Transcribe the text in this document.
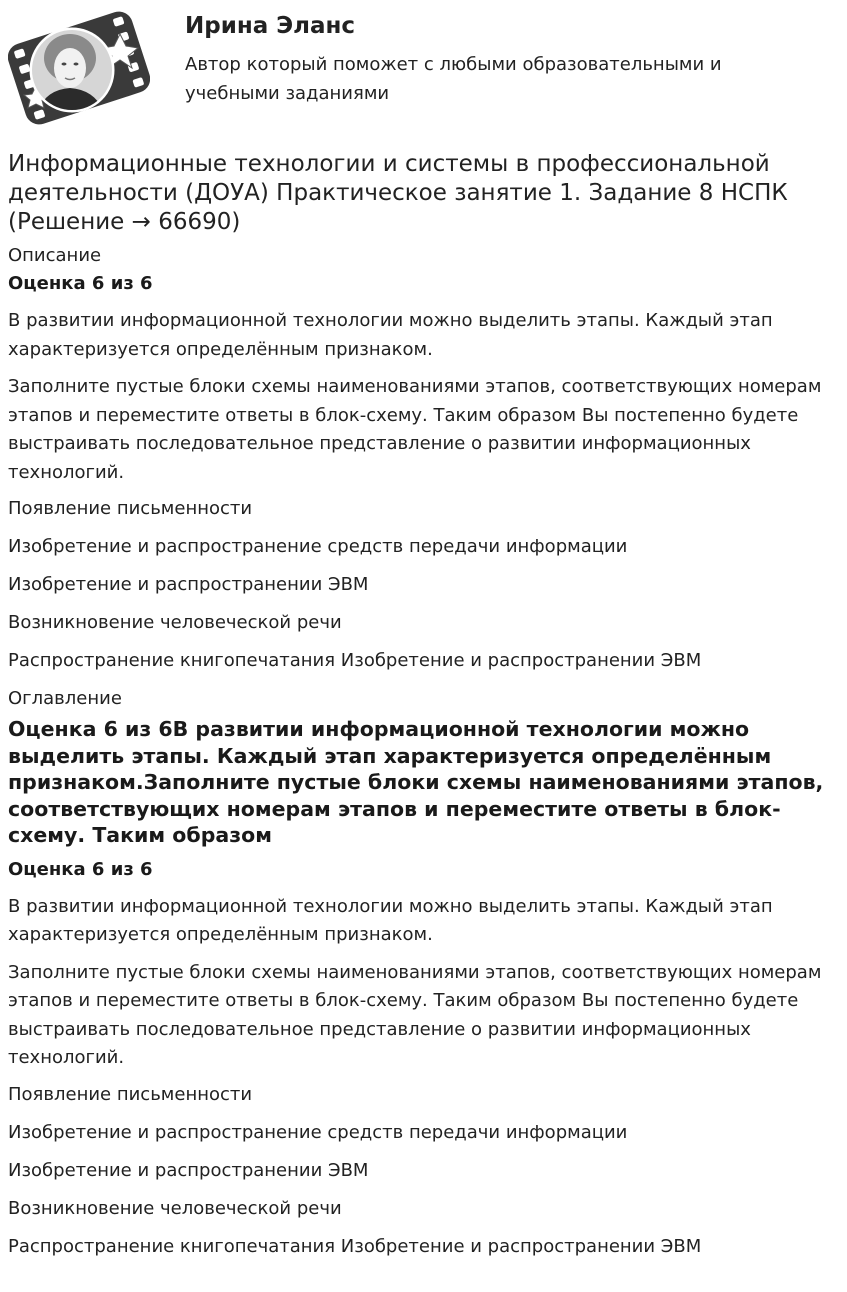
Ирина Эланс
Автор который поможет с любыми образовательными и учебными заданиями
Информационные технологии и системы в профессиональной деятельности (ДОУА) Практическое занятие 1. Задание 8 НСПК (Решение → 66690)
Описание
Оценка 6 из 6

В развитии информационной технологии можно выделить этапы. Каждый этап характеризуется определённым признаком.

Заполните пустые блоки схемы наименованиями этапов, соответствующих номерам этапов и переместите ответы в блок-схему. Таким образом Вы постепенно будете выстраивать последовательное представление о развитии информационных технологий.

Появление письменности
Изобретение и распространение средств передачи информации
Изобретение и распространении ЭВМ
Возникновение человеческой речи
Распространение книгопечатания Изобретение и распространении ЭВМ
Оглавление
Оценка 6 из 6В развитии информационной технологии можно выделить этапы. Каждый этап характеризуется определённым признаком.Заполните пустые блоки схемы наименованиями этапов, соответствующих номерам этапов и переместите ответы в блок-схему. Таким образом
Оценка 6 из 6

В развитии информационной технологии можно выделить этапы. Каждый этап характеризуется определённым признаком.

Заполните пустые блоки схемы наименованиями этапов, соответствующих номерам этапов и переместите ответы в блок-схему. Таким образом Вы постепенно будете выстраивать последовательное представление о развитии информационных технологий.

Появление письменности
Изобретение и распространение средств передачи информации
Изобретение и распространении ЭВМ
Возникновение человеческой речи
Распространение книгопечатания Изобретение и распространении ЭВМ
